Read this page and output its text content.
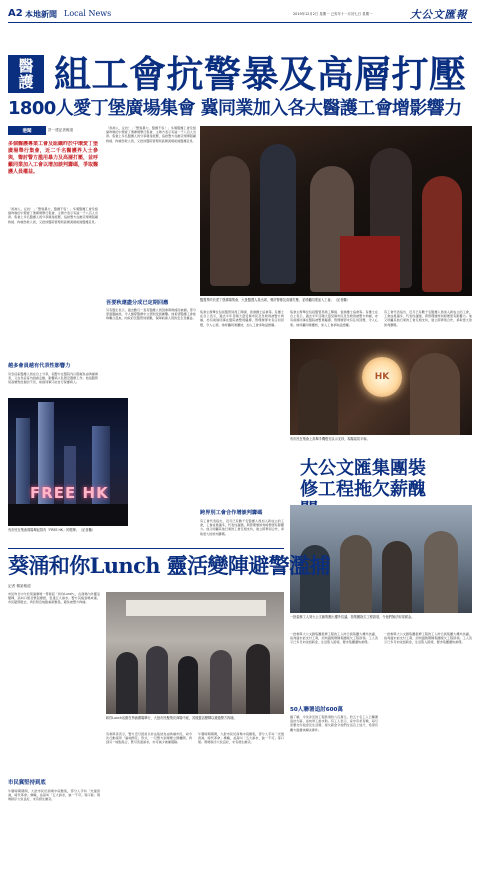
A2 本地新聞 Local News	2019年12月2日 星期一 己亥年十一月初七日 星期一	大公文匯報
醫護 組工會抗警暴及高層打壓
1800人愛丁堡廣場集會 冀同業加入各大醫護工會增影響力
港聞	許一建記者報道
多個醫護專業工會及組織昨於中環愛丁堡廣場舉行集會，近二千名醫護界人士參與，聲討警方濫用暴力及高層打壓，並呼籲同業加入工會以增加談判籌碼，爭取醫護人員權益。
「香港人，反抗！」「警察暴力，醫護不容！」多個醫護工會及組織昨晚於中環愛丁堡廣場舉行集會，主辦方表示有逾一千八百人出席。集會上多名醫護人員分享親身經歷，指控警方在衝突現場阻礙救援、拘捕急救人員，又批評醫院管理局高層漠視前線醫護意見。
越多會員越有代表性影響力
有急症室醫護人員在台上分享，指警方在醫院內以阻礙為由拘捕傷者，又在急症室內到處走動，影響病人私隱及醫療工作。他指醫管局高層對此視而不見，前線同事只能自行保護病人。
FREE HK
有市民在集會現場舉起寫有「FREE HK」的燈牌。（記者攝）
「香港人，反抗！」「警察暴力，醫護不容！」多個醫護工會及組織昨晚於中環愛丁堡廣場舉行集會，主辦方表示有逾一千八百人出席。集會上多名醫護人員分享親身經歷，指控警方在衝突現場阻礙救援、拘捕急救人員，又批評醫院管理局高層漠視前線醫護意見。
吾要秋還盡分成已定期回應
另有醫生表示，過去數月一直有醫護人員因參與救援而被捕，部分更面臨檢控，令人擔憂醫療中立原則受到衝擊。他希望醫護工會能夠聯合起來，向政府及醫管局施壓，保障前線人員的安全及權益。
醫護界昨於愛丁堡廣場集會，大批醫護人員出席，聲討警暴及高層打壓，並呼籲同業加入工會。（記者攝）
集會主辦單位包括醫管局員工陣線、香港護士協會等。有護士在台上表示，過去半年目睹大量受傷市民及急救員被警方拘捕，亦有前線同事在醫院被警員騷擾，管理層卻未有任何回應，令人心寒。她呼籲同業團結，加入工會爭取話語權。
跨界別工會合作增談判籌碼
有工會代表指出，近月已有數千名醫護人員加入新成立的工會，工會成員越多，代表性越強，與管理層談判時便更有影響力。他又呼籲其他行業的工會互相支持，建立跨界別合作，爭取更大的談判籌碼。
集會主辦單位包括醫管局員工陣線、香港護士協會等。有護士在台上表示，過去半年目睹大量受傷市民及急救員被警方拘捕，亦有前線同事在醫院被警員騷擾，管理層卻未有任何回應，令人心寒。她呼籲同業團結，加入工會爭取話語權。
有工會代表指出，近月已有數千名醫護人員加入新成立的工會，工會成員越多，代表性越強，與管理層談判時便更有影響力。他又呼籲其他行業的工會互相支持，建立跨界別合作，爭取更大的談判籌碼。
HK
有市民在集會上高舉手機燈光以示支持，現場氣氛平和。
大公文匯集團裝修工程拖欠薪醜
一批裝修工人到大公文匯集團大樓外抗議，指集團拖欠工程款項，令他們無法取得薪金。
一批參與大公文匯集團裝修工程的工人昨日到集團大樓外抗議，指判頭未能支付工資，而判頭則聲稱集團拖欠工程款項。工人表示已多月未收到薪金，生活陷入困境，要求集團盡快處理。
50人聯署追討600萬
據了解，今次涉及的工程款項約六百萬元，約五十名工人已聯署追討欠薪，並向勞工處求助。有工人表示，家中有老有嫩，每月需要支付租金及生活費，拖欠薪金令他們生活百上加斤，希望有關方面盡快解決事件。
一批參與大公文匯集團裝修工程的工人昨日到集團大樓外抗議，指判頭未能支付工資，而判頭則聲稱集團拖欠工程款項。工人表示已多月未收到薪金，生活陷入困境，要求集團盡快處理。
葵涌和你Lunch 靈活變陣避警濫捕
記者 楊某報道
市民昨日中午於葵涌廣場一帶發起「和你Lunch」，在商場內外靈活變陣，高叫口號及舉起標語，表達五大訴求。警方其後到場戒備，市民隨即散去，再於附近地點重新聚集，避免被警方拘捕。
和你Lunch活動在葵涌廣場舉行，大批市民聚集於商場中庭，其後靈活變陣以避過警方拘捕。
有參與者表示，警方近月經常以非法集結為由拘捕市民，故今次行動採用「遍地開花」形式，一旦警方到場便立即離開，再到另一地點集合，既可表達訴求，亦可減少被捕風險。
午膳時間期間，大批市民於商場中庭聚集，部分人手持「光復香港，時代革命」旗幟，並高叫「五大訴求，缺一不可」等口號。現場秩序大致良好，未有發生衝突。
市民冀堅持到底
午膳時間期間，大批市民於商場中庭聚集，部分人手持「光復香港，時代革命」旗幟，並高叫「五大訴求，缺一不可」等口號。現場秩序大致良好，未有發生衝突。
